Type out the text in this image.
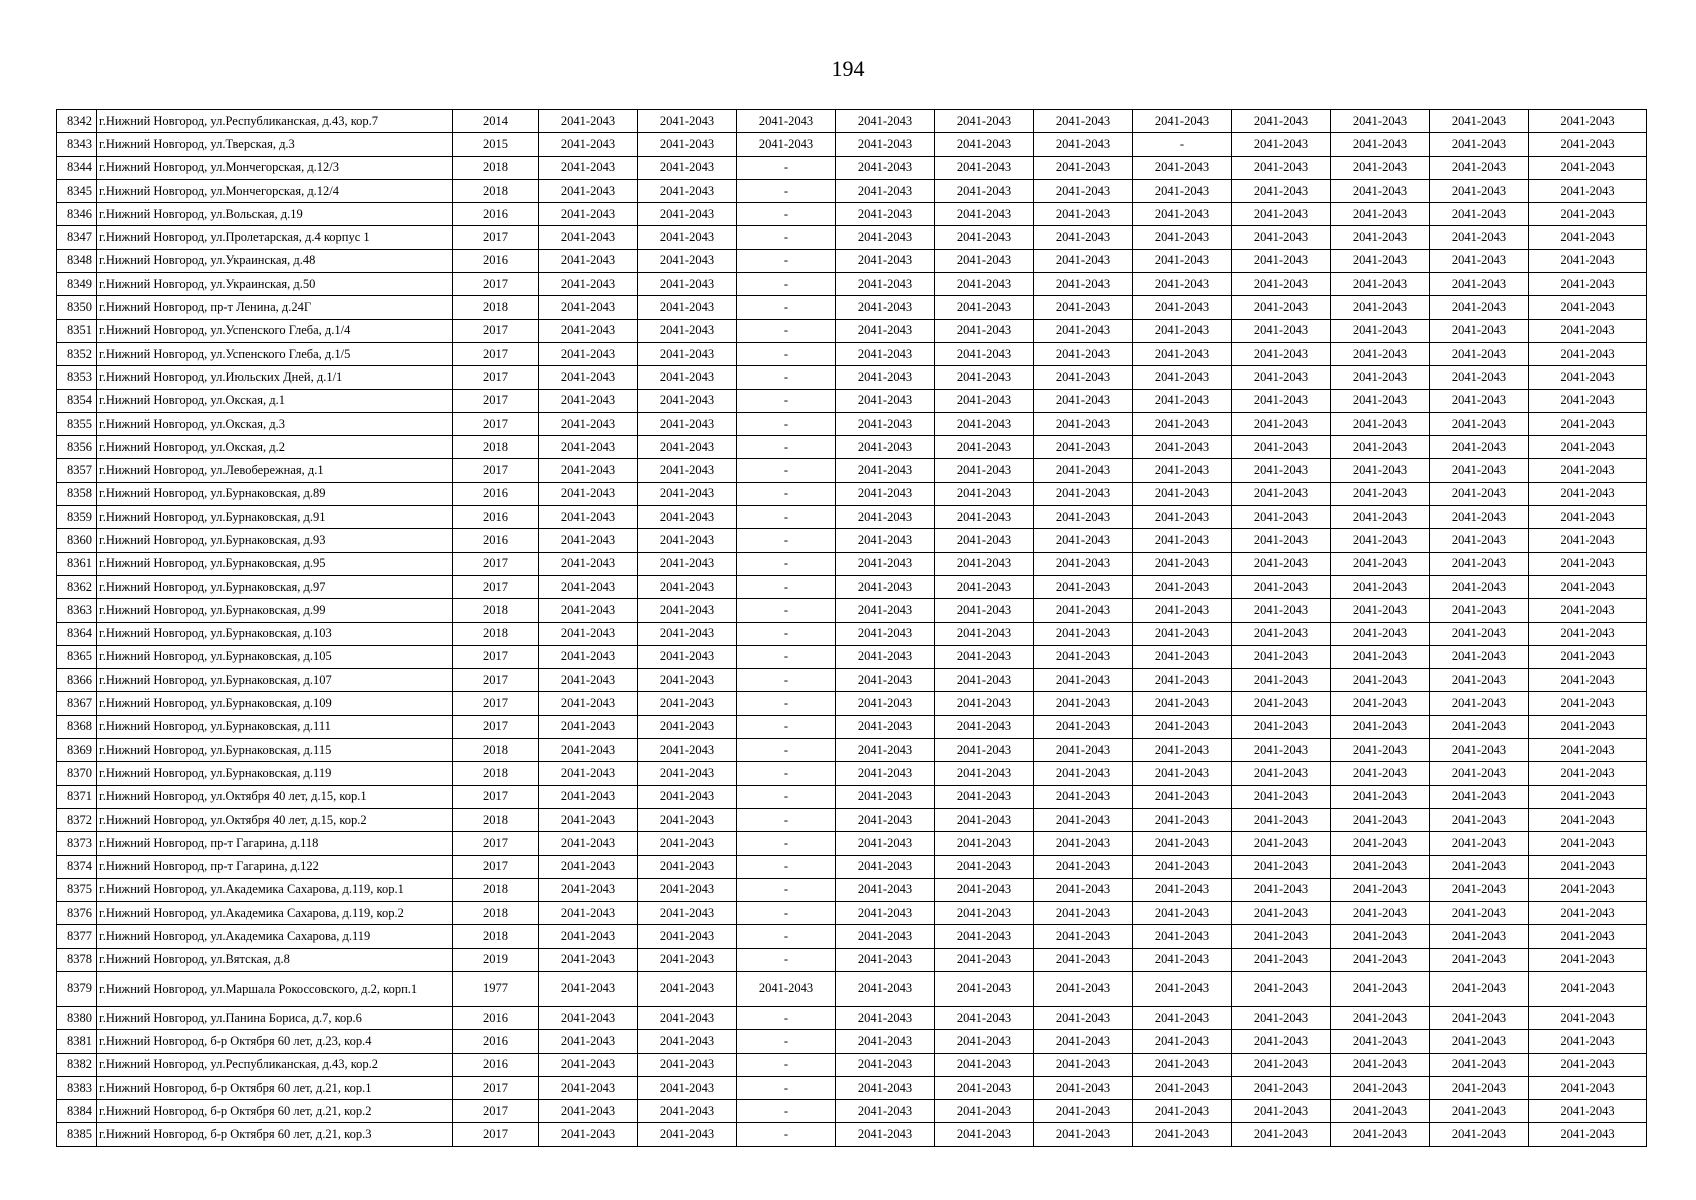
194
8342	г.Нижний Новгород, ул.Республиканская, д.43, кор.7	2014	2041-2043	2041-2043	2041-2043	2041-2043	2041-2043	2041-2043	2041-2043	2041-2043	2041-2043	2041-2043	2041-2043
8343	г.Нижний Новгород, ул.Тверская, д.3	2015	2041-2043	2041-2043	2041-2043	2041-2043	2041-2043	2041-2043	-	2041-2043	2041-2043	2041-2043	2041-2043
8344	г.Нижний Новгород, ул.Мончегорская, д.12/3	2018	2041-2043	2041-2043	-	2041-2043	2041-2043	2041-2043	2041-2043	2041-2043	2041-2043	2041-2043	2041-2043
8345	г.Нижний Новгород, ул.Мончегорская, д.12/4	2018	2041-2043	2041-2043	-	2041-2043	2041-2043	2041-2043	2041-2043	2041-2043	2041-2043	2041-2043	2041-2043
8346	г.Нижний Новгород, ул.Вольская, д.19	2016	2041-2043	2041-2043	-	2041-2043	2041-2043	2041-2043	2041-2043	2041-2043	2041-2043	2041-2043	2041-2043
8347	г.Нижний Новгород, ул.Пролетарская, д.4 корпус 1	2017	2041-2043	2041-2043	-	2041-2043	2041-2043	2041-2043	2041-2043	2041-2043	2041-2043	2041-2043	2041-2043
8348	г.Нижний Новгород, ул.Украинская, д.48	2016	2041-2043	2041-2043	-	2041-2043	2041-2043	2041-2043	2041-2043	2041-2043	2041-2043	2041-2043	2041-2043
8349	г.Нижний Новгород, ул.Украинская, д.50	2017	2041-2043	2041-2043	-	2041-2043	2041-2043	2041-2043	2041-2043	2041-2043	2041-2043	2041-2043	2041-2043
8350	г.Нижний Новгород, пр-т Ленина, д.24Г	2018	2041-2043	2041-2043	-	2041-2043	2041-2043	2041-2043	2041-2043	2041-2043	2041-2043	2041-2043	2041-2043
8351	г.Нижний Новгород, ул.Успенского Глеба, д.1/4	2017	2041-2043	2041-2043	-	2041-2043	2041-2043	2041-2043	2041-2043	2041-2043	2041-2043	2041-2043	2041-2043
8352	г.Нижний Новгород, ул.Успенского Глеба, д.1/5	2017	2041-2043	2041-2043	-	2041-2043	2041-2043	2041-2043	2041-2043	2041-2043	2041-2043	2041-2043	2041-2043
8353	г.Нижний Новгород, ул.Июльских Дней, д.1/1	2017	2041-2043	2041-2043	-	2041-2043	2041-2043	2041-2043	2041-2043	2041-2043	2041-2043	2041-2043	2041-2043
8354	г.Нижний Новгород, ул.Окская, д.1	2017	2041-2043	2041-2043	-	2041-2043	2041-2043	2041-2043	2041-2043	2041-2043	2041-2043	2041-2043	2041-2043
8355	г.Нижний Новгород, ул.Окская, д.3	2017	2041-2043	2041-2043	-	2041-2043	2041-2043	2041-2043	2041-2043	2041-2043	2041-2043	2041-2043	2041-2043
8356	г.Нижний Новгород, ул.Окская, д.2	2018	2041-2043	2041-2043	-	2041-2043	2041-2043	2041-2043	2041-2043	2041-2043	2041-2043	2041-2043	2041-2043
8357	г.Нижний Новгород, ул.Левобережная, д.1	2017	2041-2043	2041-2043	-	2041-2043	2041-2043	2041-2043	2041-2043	2041-2043	2041-2043	2041-2043	2041-2043
8358	г.Нижний Новгород, ул.Бурнаковская, д.89	2016	2041-2043	2041-2043	-	2041-2043	2041-2043	2041-2043	2041-2043	2041-2043	2041-2043	2041-2043	2041-2043
8359	г.Нижний Новгород, ул.Бурнаковская, д.91	2016	2041-2043	2041-2043	-	2041-2043	2041-2043	2041-2043	2041-2043	2041-2043	2041-2043	2041-2043	2041-2043
8360	г.Нижний Новгород, ул.Бурнаковская, д.93	2016	2041-2043	2041-2043	-	2041-2043	2041-2043	2041-2043	2041-2043	2041-2043	2041-2043	2041-2043	2041-2043
8361	г.Нижний Новгород, ул.Бурнаковская, д.95	2017	2041-2043	2041-2043	-	2041-2043	2041-2043	2041-2043	2041-2043	2041-2043	2041-2043	2041-2043	2041-2043
8362	г.Нижний Новгород, ул.Бурнаковская, д.97	2017	2041-2043	2041-2043	-	2041-2043	2041-2043	2041-2043	2041-2043	2041-2043	2041-2043	2041-2043	2041-2043
8363	г.Нижний Новгород, ул.Бурнаковская, д.99	2018	2041-2043	2041-2043	-	2041-2043	2041-2043	2041-2043	2041-2043	2041-2043	2041-2043	2041-2043	2041-2043
8364	г.Нижний Новгород, ул.Бурнаковская, д.103	2018	2041-2043	2041-2043	-	2041-2043	2041-2043	2041-2043	2041-2043	2041-2043	2041-2043	2041-2043	2041-2043
8365	г.Нижний Новгород, ул.Бурнаковская, д.105	2017	2041-2043	2041-2043	-	2041-2043	2041-2043	2041-2043	2041-2043	2041-2043	2041-2043	2041-2043	2041-2043
8366	г.Нижний Новгород, ул.Бурнаковская, д.107	2017	2041-2043	2041-2043	-	2041-2043	2041-2043	2041-2043	2041-2043	2041-2043	2041-2043	2041-2043	2041-2043
8367	г.Нижний Новгород, ул.Бурнаковская, д.109	2017	2041-2043	2041-2043	-	2041-2043	2041-2043	2041-2043	2041-2043	2041-2043	2041-2043	2041-2043	2041-2043
8368	г.Нижний Новгород, ул.Бурнаковская, д.111	2017	2041-2043	2041-2043	-	2041-2043	2041-2043	2041-2043	2041-2043	2041-2043	2041-2043	2041-2043	2041-2043
8369	г.Нижний Новгород, ул.Бурнаковская, д.115	2018	2041-2043	2041-2043	-	2041-2043	2041-2043	2041-2043	2041-2043	2041-2043	2041-2043	2041-2043	2041-2043
8370	г.Нижний Новгород, ул.Бурнаковская, д.119	2018	2041-2043	2041-2043	-	2041-2043	2041-2043	2041-2043	2041-2043	2041-2043	2041-2043	2041-2043	2041-2043
8371	г.Нижний Новгород, ул.Октября 40 лет, д.15, кор.1	2017	2041-2043	2041-2043	-	2041-2043	2041-2043	2041-2043	2041-2043	2041-2043	2041-2043	2041-2043	2041-2043
8372	г.Нижний Новгород, ул.Октября 40 лет, д.15, кор.2	2018	2041-2043	2041-2043	-	2041-2043	2041-2043	2041-2043	2041-2043	2041-2043	2041-2043	2041-2043	2041-2043
8373	г.Нижний Новгород, пр-т Гагарина, д.118	2017	2041-2043	2041-2043	-	2041-2043	2041-2043	2041-2043	2041-2043	2041-2043	2041-2043	2041-2043	2041-2043
8374	г.Нижний Новгород, пр-т Гагарина, д.122	2017	2041-2043	2041-2043	-	2041-2043	2041-2043	2041-2043	2041-2043	2041-2043	2041-2043	2041-2043	2041-2043
8375	г.Нижний Новгород, ул.Академика Сахарова, д.119, кор.1	2018	2041-2043	2041-2043	-	2041-2043	2041-2043	2041-2043	2041-2043	2041-2043	2041-2043	2041-2043	2041-2043
8376	г.Нижний Новгород, ул.Академика Сахарова, д.119, кор.2	2018	2041-2043	2041-2043	-	2041-2043	2041-2043	2041-2043	2041-2043	2041-2043	2041-2043	2041-2043	2041-2043
8377	г.Нижний Новгород, ул.Академика Сахарова, д.119	2018	2041-2043	2041-2043	-	2041-2043	2041-2043	2041-2043	2041-2043	2041-2043	2041-2043	2041-2043	2041-2043
8378	г.Нижний Новгород, ул.Вятская, д.8	2019	2041-2043	2041-2043	-	2041-2043	2041-2043	2041-2043	2041-2043	2041-2043	2041-2043	2041-2043	2041-2043
8379	г.Нижний Новгород, ул.Маршала Рокоссовского, д.2, корп.1	1977	2041-2043	2041-2043	2041-2043	2041-2043	2041-2043	2041-2043	2041-2043	2041-2043	2041-2043	2041-2043	2041-2043
8380	г.Нижний Новгород, ул.Панина Бориса, д.7, кор.6	2016	2041-2043	2041-2043	-	2041-2043	2041-2043	2041-2043	2041-2043	2041-2043	2041-2043	2041-2043	2041-2043
8381	г.Нижний Новгород, б-р Октября 60 лет, д.23, кор.4	2016	2041-2043	2041-2043	-	2041-2043	2041-2043	2041-2043	2041-2043	2041-2043	2041-2043	2041-2043	2041-2043
8382	г.Нижний Новгород, ул.Республиканская, д.43, кор.2	2016	2041-2043	2041-2043	-	2041-2043	2041-2043	2041-2043	2041-2043	2041-2043	2041-2043	2041-2043	2041-2043
8383	г.Нижний Новгород, б-р Октября 60 лет, д.21, кор.1	2017	2041-2043	2041-2043	-	2041-2043	2041-2043	2041-2043	2041-2043	2041-2043	2041-2043	2041-2043	2041-2043
8384	г.Нижний Новгород, б-р Октября 60 лет, д.21, кор.2	2017	2041-2043	2041-2043	-	2041-2043	2041-2043	2041-2043	2041-2043	2041-2043	2041-2043	2041-2043	2041-2043
8385	г.Нижний Новгород, б-р Октября 60 лет, д.21, кор.3	2017	2041-2043	2041-2043	-	2041-2043	2041-2043	2041-2043	2041-2043	2041-2043	2041-2043	2041-2043	2041-2043
